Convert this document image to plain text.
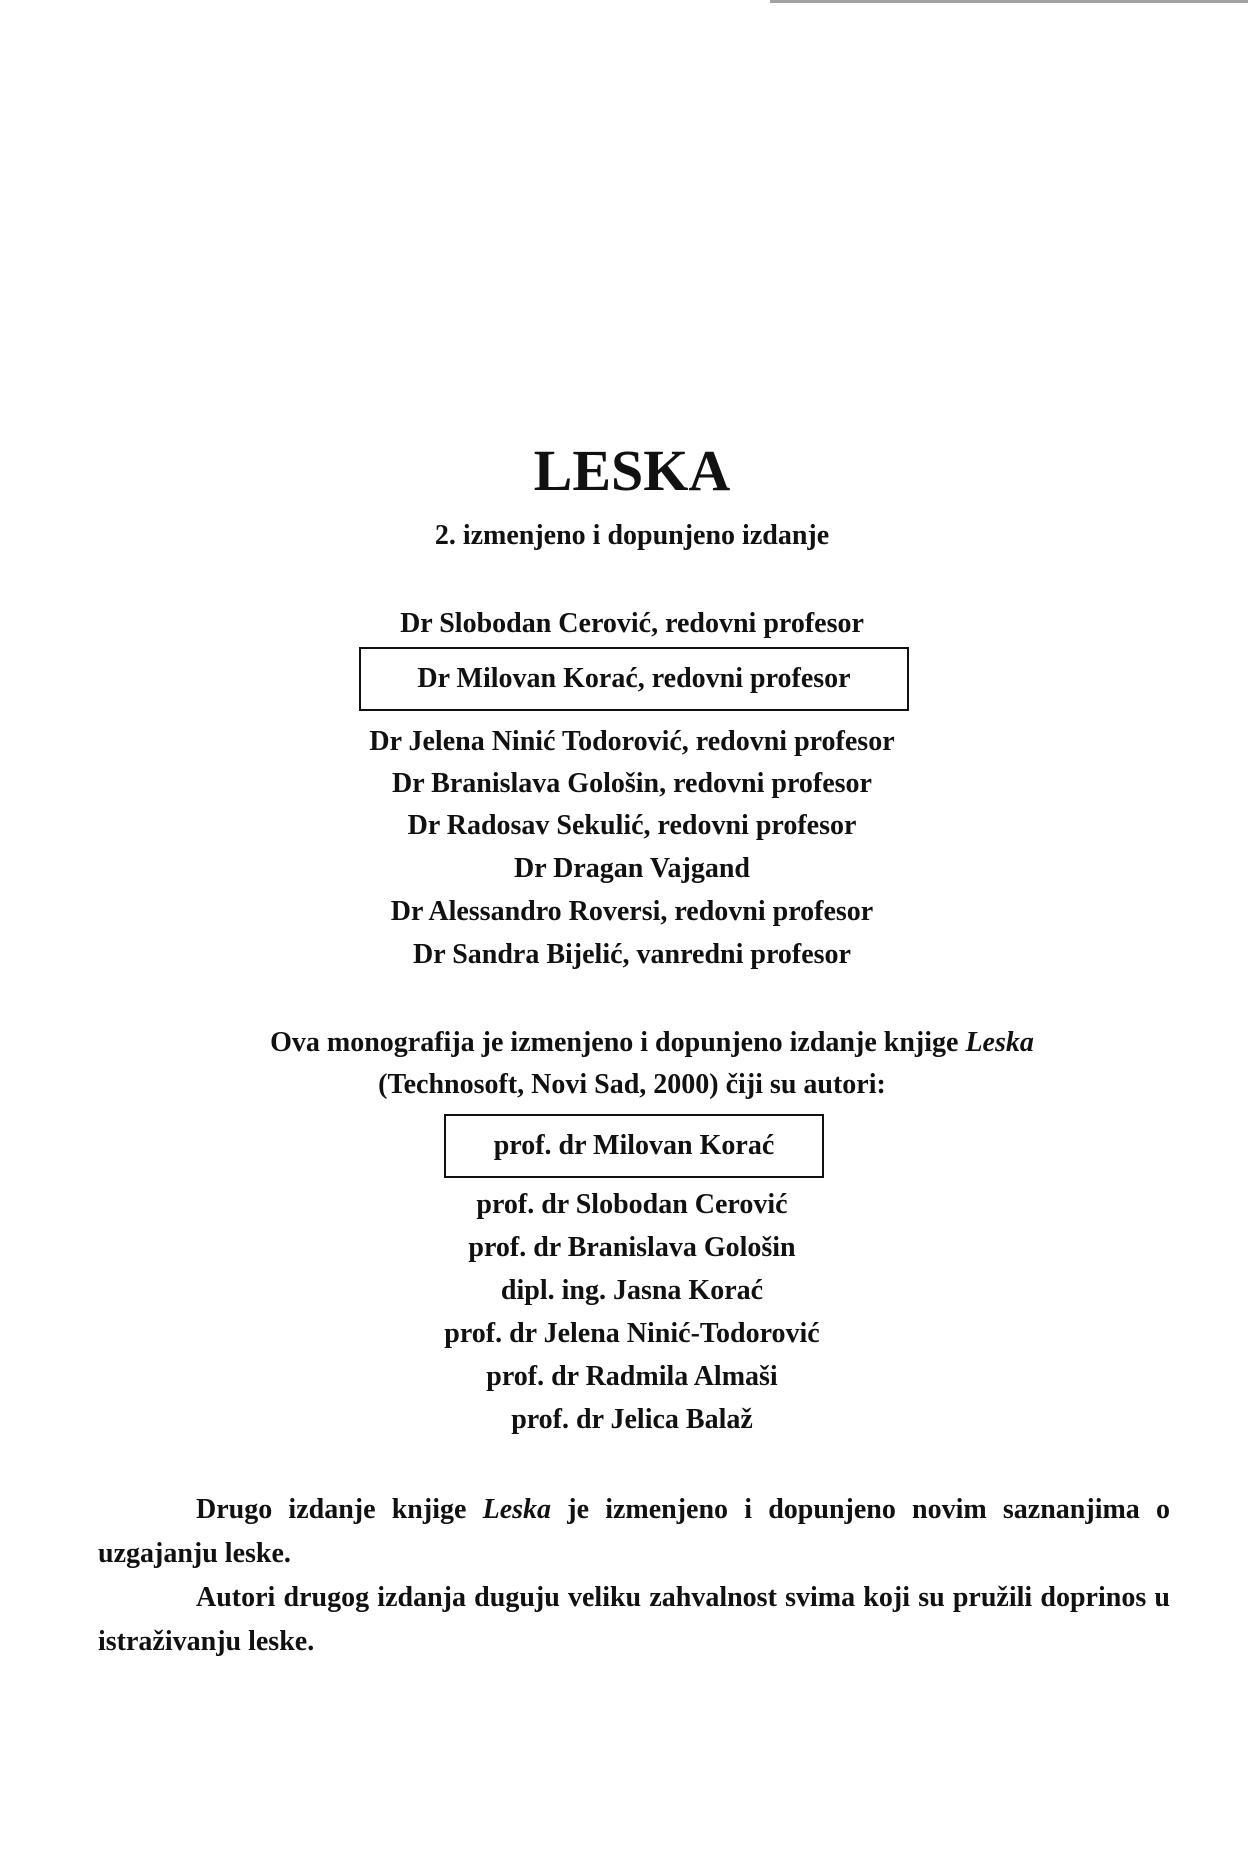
LESKA
2. izmenjeno i dopunjeno izdanje
Dr Slobodan Cerović, redovni profesor
Dr Milovan Korać, redovni profesor
Dr Jelena Ninić Todorović, redovni profesor
Dr Branislava Gološin, redovni profesor
Dr Radosav Sekulić, redovni profesor
Dr Dragan Vajgand
Dr Alessandro Roversi, redovni profesor
Dr Sandra Bijelić, vanredni profesor
Ova monografija je izmenjeno i dopunjeno izdanje knjige Leska
(Technosoft, Novi Sad, 2000) čiji su autori:
prof. dr Milovan Korać
prof. dr Slobodan Cerović
prof. dr Branislava Gološin
dipl. ing. Jasna Korać
prof. dr Jelena Ninić-Todorović
prof. dr Radmila Almaši
prof. dr Jelica Balaž
Drugo izdanje knjige Leska je izmenjeno i dopunjeno novim saznanjima o uzgajanju leske.
Autori drugog izdanja duguju veliku zahvalnost svima koji su pružili doprinos u istraživanju leske.
